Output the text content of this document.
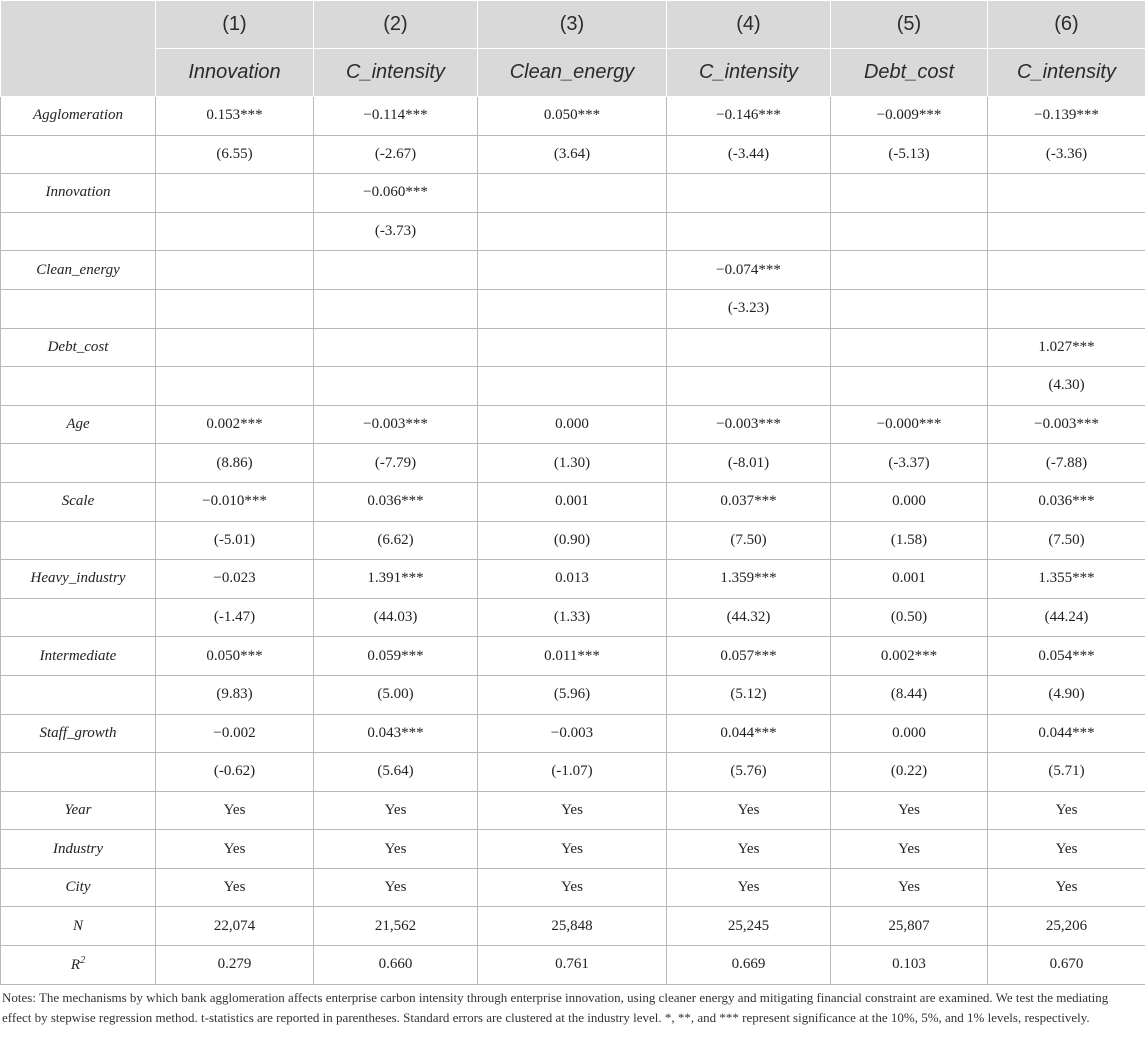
	(1)	(2)	(3)	(4)	(5)	(6)
	Innovation	C_intensity	Clean_energy	C_intensity	Debt_cost	C_intensity
Agglomeration	0.153***	−0.114***	0.050***	−0.146***	−0.009***	−0.139***
	(6.55)	(-2.67)	(3.64)	(-3.44)	(-5.13)	(-3.36)
Innovation		−0.060***				
		(-3.73)				
Clean_energy				−0.074***		
				(-3.23)		
Debt_cost						1.027***
						(4.30)
Age	0.002***	−0.003***	0.000	−0.003***	−0.000***	−0.003***
	(8.86)	(-7.79)	(1.30)	(-8.01)	(-3.37)	(-7.88)
Scale	−0.010***	0.036***	0.001	0.037***	0.000	0.036***
	(-5.01)	(6.62)	(0.90)	(7.50)	(1.58)	(7.50)
Heavy_industry	−0.023	1.391***	0.013	1.359***	0.001	1.355***
	(-1.47)	(44.03)	(1.33)	(44.32)	(0.50)	(44.24)
Intermediate	0.050***	0.059***	0.011***	0.057***	0.002***	0.054***
	(9.83)	(5.00)	(5.96)	(5.12)	(8.44)	(4.90)
Staff_growth	−0.002	0.043***	−0.003	0.044***	0.000	0.044***
	(-0.62)	(5.64)	(-1.07)	(5.76)	(0.22)	(5.71)
Year	Yes	Yes	Yes	Yes	Yes	Yes
Industry	Yes	Yes	Yes	Yes	Yes	Yes
City	Yes	Yes	Yes	Yes	Yes	Yes
N	22,074	21,562	25,848	25,245	25,807	25,206
$R^2$	0.279	0.660	0.761	0.669	0.103	0.670
Notes: The mechanisms by which bank agglomeration affects enterprise carbon intensity through enterprise innovation, using cleaner energy and mitigating financial constraint are examined. We test the mediating effect by stepwise regression method. t-statistics are reported in parentheses. Standard errors are clustered at the industry level. *, **, and *** represent significance at the 10%, 5%, and 1% levels, respectively.
